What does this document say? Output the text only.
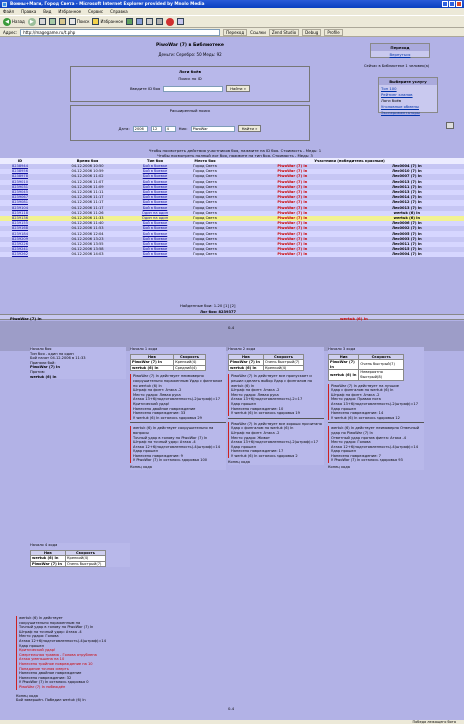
Воины+Маги, Город Света - Microsoft Internet Explorer provided by Mnolo Media
Файл Правка Вид Избранное Сервис Справка
◀ Назад	▶	Поиск	Избранное
Адрес:	http://magegame.ru/t.php	Переход	Ссылки	Zend Studio	Debug	Profile
PiwoWar (7) в Библиотеке
Деньги: Серебро: 50 Медь: 92
Переход
Вернуться
Сейчас в Библиотеке 1 человек(а)
Выберите услугу
Топ 100
Рейтинг кланов
Логи боёв
Уголовные обмены
Экспериментаторы
Логи боёв
Поиск по ID
Введите ID боя	Найти »
Расширенный поиск
Дата:	2006	12	4	Ник:	PiwoWar	Найти »
Чтобы посмотреть действия участников боя, нажмите на ID боя. Стоимость - Медь: 1
Чтобы посмотреть полный лог боя, нажмите на тип боя. Стоимость - Медь: 3
ID	Время боя	Тип боя	Место боя	Участники (победитель красным)	
8238944	04.12.2006 10:50	Бой в боевке	Город Света	PiwoWar (7) In	Лес0004 (7) In
8238956	04.12.2006 10:59	Бой в боевке	Город Света	PiwoWar (7) In	Лес0010 (7) In
8238978	04.12.2006 11:02	Бой в боевке	Город Света	PiwoWar (7) In	Лес0007 (7) In
8239010	04.12.2006 11:07	Бой в боевке	Город Света	PiwoWar (7) In	Лес0013 (7) In
8239031	04.12.2006 11:09	Бой в боевке	Город Света	PiwoWar (7) In	Лес0011 (7) In
8239045	04.12.2006 11:11	Бой в боевке	Город Света	PiwoWar (7) In	Лес0013 (7) In
8239067	04.12.2006 11:17	Бой в боевке	Город Света	PiwoWar (7) In	Лес0014 (7) In
8239081	04.12.2006 11:17	Бой в боевке	Город Света	PiwoWar (7) In	Лес0012 (7) In
8239104	04.12.2006 11:17	Бой в боевке	Город Света	PiwoWar (7) In	Лес0013 (7) In
8239118	04.12.2006 11:26	Один на один	Город Света	PiwoWar (7) In	wertuk (6) In
8239136	04.12.2006 11:33	Один на один	Город Света	PiwoWar (7) In	wertuk (6) In
8239155	04.12.2006 11:40	Бой в боевке	Город Света	PiwoWar (7) In	Лес0006 (7) In
8239168	04.12.2006 11:53	Бой в боевке	Город Света	PiwoWar (7) In	Лес0002 (7) In
8239184	04.12.2006 12:04	Бой в боевке	Город Света	PiwoWar (7) In	Лес0005 (7) In
8239209	04.12.2006 13:23	Бой в боевке	Город Света	PiwoWar (7) In	Лес0003 (7) In
8239226	04.12.2006 13:55	Бой в боевке	Город Света	PiwoWar (7) In	Лес0011 (7) In
8239241	04.12.2006 13:58	Бой в боевке	Город Света	PiwoWar (7) In	Лес0015 (7) In
8239262	04.12.2006 14:03	Бой в боевке	Город Света	PiwoWar (7) In	Лес0004 (7) In
Найденные бои: 1-20 [1] [2]
Лог боя: 8239377
PiwoWar (7) In	wertuk (6) In
0-4
Начало боя
Тип боя - один на один
Бой начат 04.12.2006 в 11:33
Приняли бой:
PiwoWar (7) In
Против:
wertuk (6) In
Начало 1 хода
Ник	Скорость
PiwoWar (7) In	Крепкий(4)
wertuk (6) In	Средний(4)
PiwoWar (7) In действует неимоверно
сокрушительно пораженным Удар с фингалом по wertuk (6) In
Штраф на финт: Атака -2
Место удара: Левая рука
Атака 13+6(подготовленность)-2(штраф)=17
Критический удар!
Нанесено двойное повреждение
Нанесено повреждение: 33
У wertuk (6) In осталось здоровья 29
wertuk (6) In действует сокрушительно на вопросы
Точный удар в голову по PiwoWar (7) In
Штраф на точный удар: Атака -4
Атака 12+6(подготовленность)-4(штраф)=14
Удар прошел
Нанесено повреждение: 9
У PiwoWar (7) In осталось здоровья 100
Конец хода
Начало 2 хода
Ник	Скорость
PiwoWar (7) In	Очень быстрый(7)
wertuk (6) In	Крепкий(4)
PiwoWar (7) In действует все пропускает и решил сделать выбор Удар с фингалом по wertuk (6) In
Штраф на финт: Атака -2
Место удара: Левая рука
Атака 13+6(подготовленность)-2=17
Удар прошел
Нанесено повреждение: 10
У wertuk (6) In осталось здоровья 19
PiwoWar (7) In действует все хорошо прочитано Удар с фингалом по wertuk (6) In
Штраф на финт: Атака -2
Место удара: Живот
Атака 13+6(подготовленность)-2(штраф)=17
Удар прошел
Нанесено повреждение: 17
У wertuk (6) In осталось здоровья 2
Конец хода
Начало 3 хода
Ник	Скорость
PiwoWar (7) In	Очень быстрый(7)
wertuk (6) In	Невероятно быстрый(8)
PiwoWar (7) In действует на лучшие
Удар с фингалом по wertuk (6) In
Штраф на финт: Атака -2
Место удара: Правая нога
Атака 13+6(подготовленность)-2(штраф)=17
Удар прошел
Нанесено повреждение: 14
У wertuk (6) In осталось здоровья 12
wertuk (6) In действует неимоверно Отвечный удар по PiwoWar (7) In
Ответный удар против финта: Атака -4
Место удара: Голова
Атака 12+6(подготовленность)-4(штраф)=14
Удар прошел
Нанесено повреждение: 7
У PiwoWar (7) In осталось здоровья 93
Конец хода
Начало 4 хода
Ник	Скорость
wertuk (6) In	Крепкий(4)
PiwoWar (7) In	Очень быстрый(7)
wertuk (6) In действует
сокрушительно пораженным на
Точный удар в голову по PiwoWar (7) In
Штраф на точный удар: Атака -4
Место удара: Голова
Атака 12+6(подготовленность)-4(штраф)=14
Удар прошел
Критический удар!
Смертельная травма - Голова отрублена
Атака уменьшена на 10
Нанесено тройное повреждение на 10
Попадание точная смерть
Нанесено двойное повреждение
Нанесено повреждение: 32
У PiwoWar (7) In осталось здоровья 0
PiwoWar (7) In побеждён
Конец хода
Бой завершён. Победил wertuk (6) In
0-4
Победа лежащего бота
